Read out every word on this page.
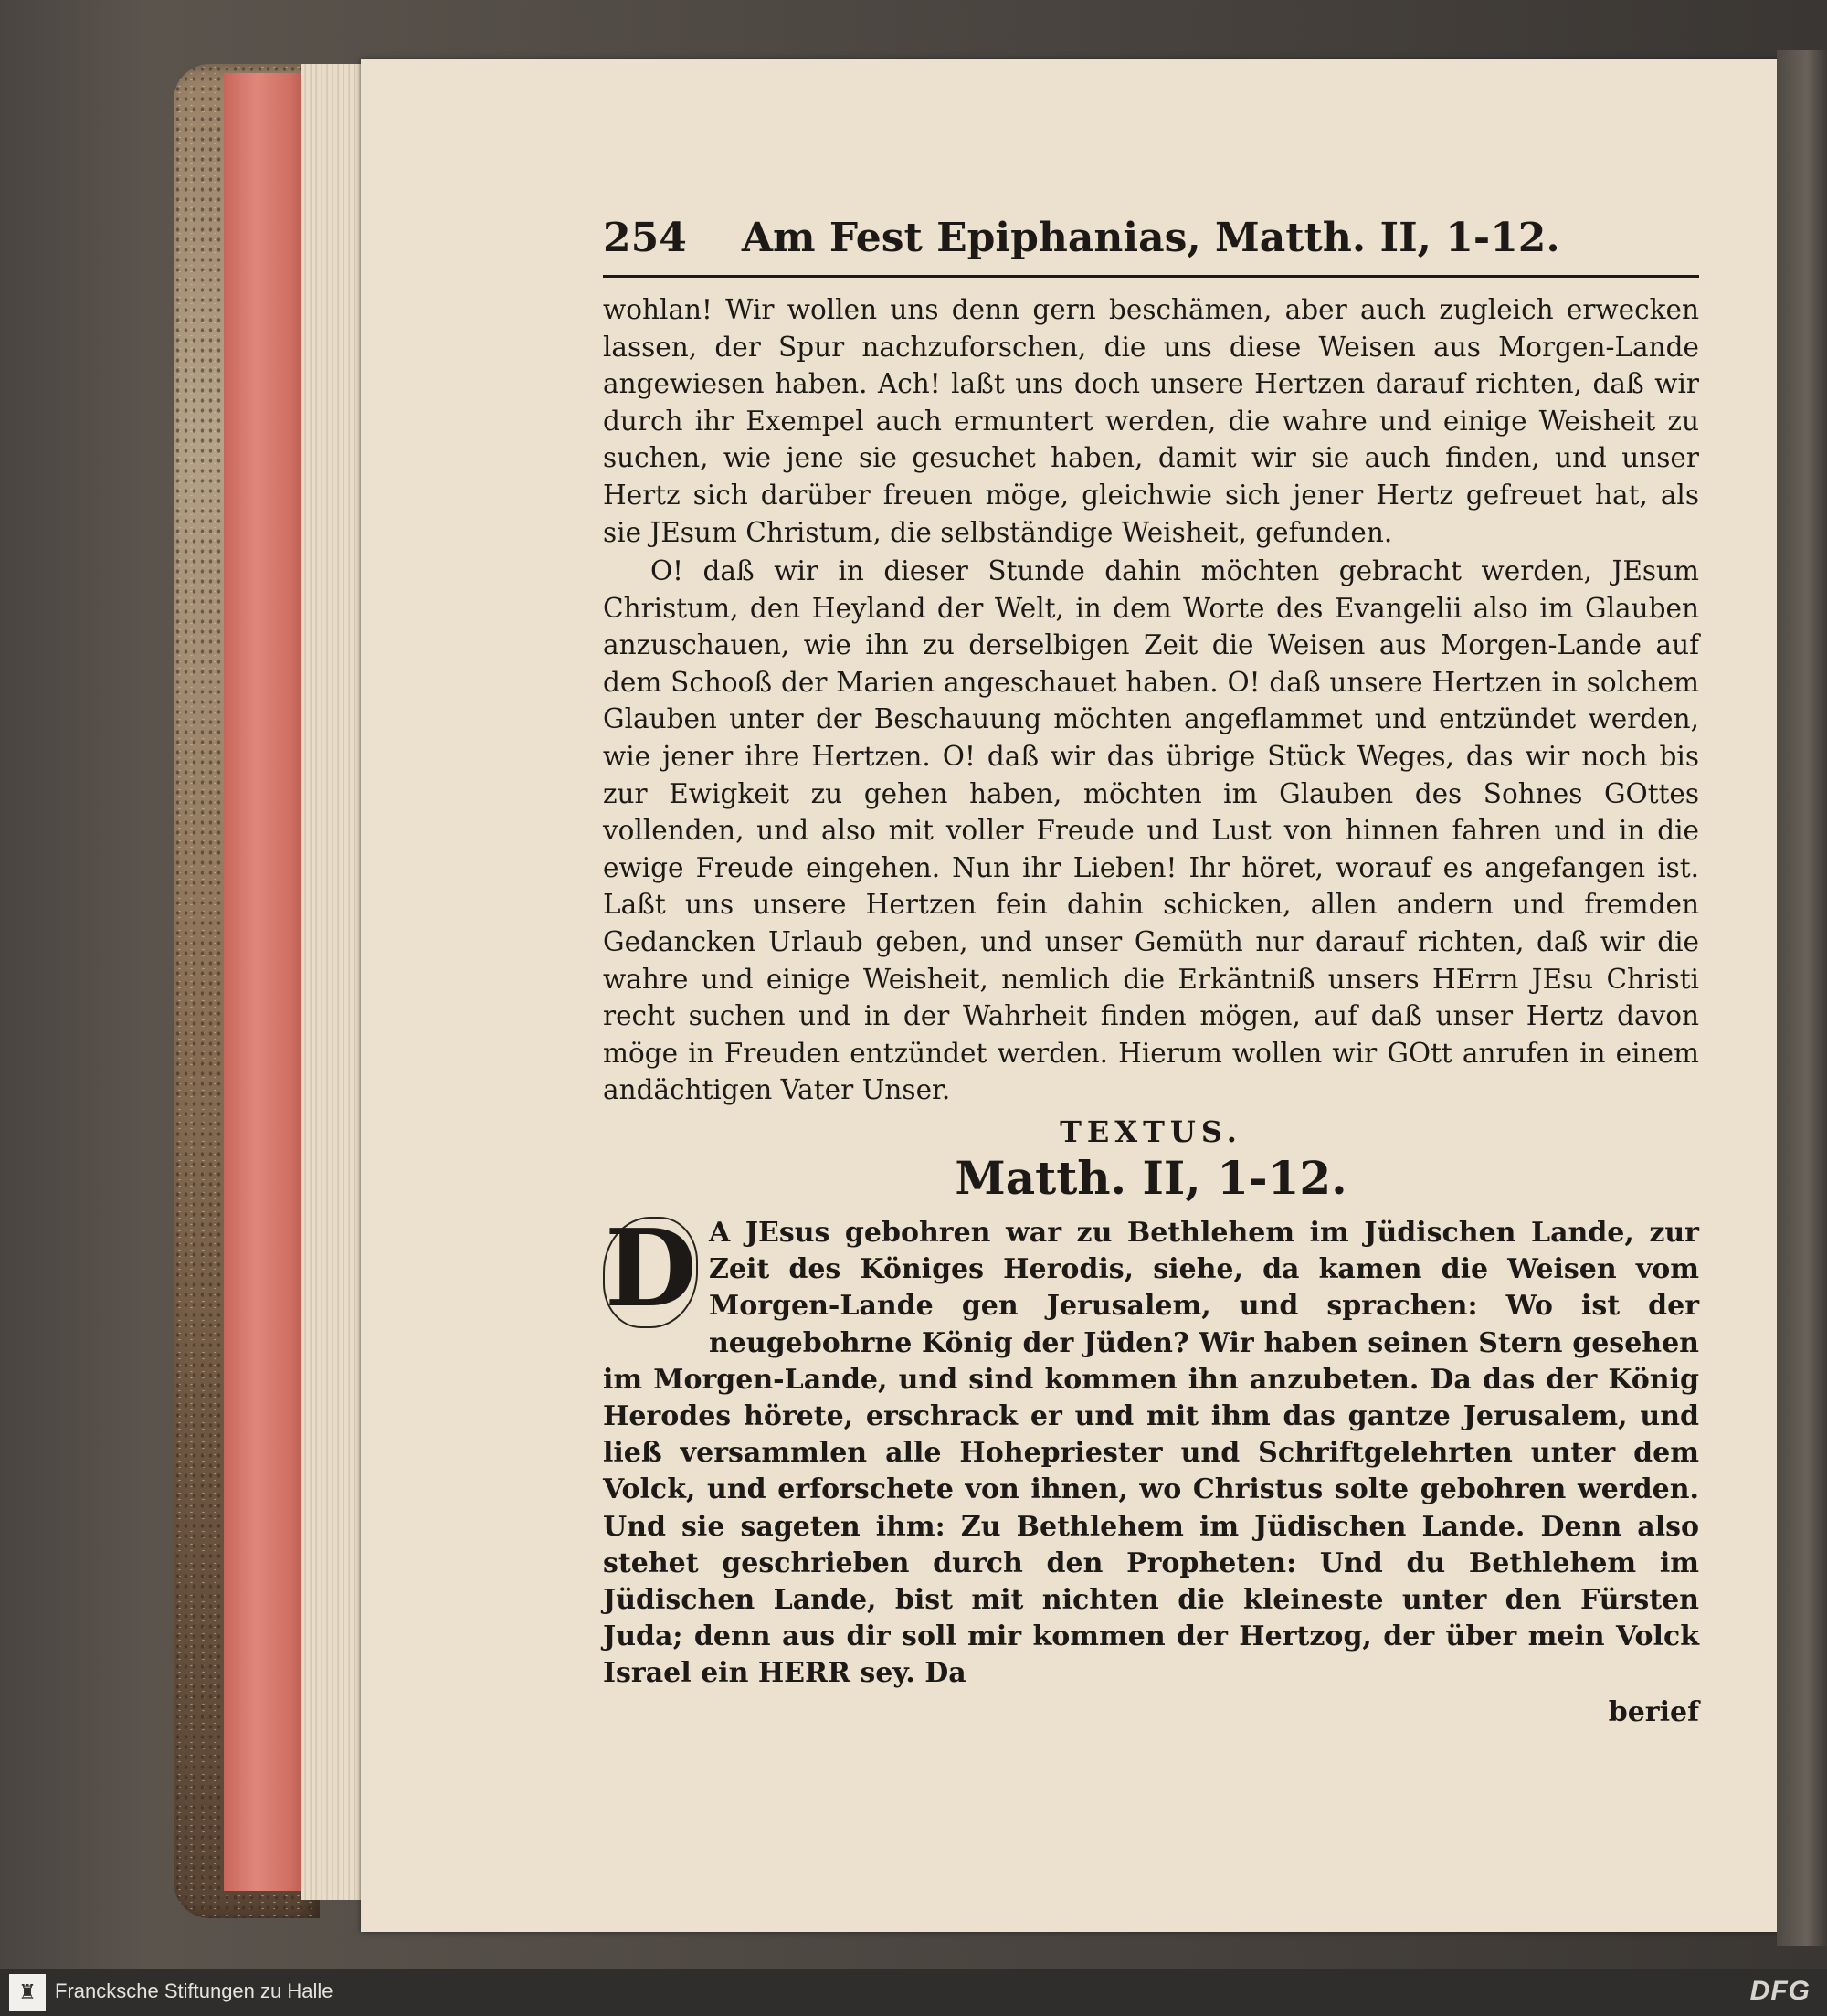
254 Am Fest Epiphanias, Matth. II, 1-12.

wohlan! Wir wollen uns denn gern beschämen, aber auch zugleich erwecken lassen, der Spur nachzuforschen, die uns diese Weisen aus Morgen-Lande angewiesen haben. Ach! laßt uns doch unsere Hertzen darauf richten, daß wir durch ihr Exempel auch ermuntert werden, die wahre und einige Weisheit zu suchen, wie jene sie gesuchet haben, damit wir sie auch finden, und unser Hertz sich darüber freuen möge, gleichwie sich jener Hertz gefreuet hat, als sie JEsum Christum, die selbständige Weisheit, gefunden.

O! daß wir in dieser Stunde dahin möchten gebracht werden, JEsum Christum, den Heyland der Welt, in dem Worte des Evangelii also im Glauben anzuschauen, wie ihn zu derselbigen Zeit die Weisen aus Morgen-Lande auf dem Schooß der Marien angeschauet haben. O! daß unsere Hertzen in solchem Glauben unter der Beschauung möchten angeflammet und entzündet werden, wie jener ihre Hertzen. O! daß wir das übrige Stück Weges, das wir noch bis zur Ewigkeit zu gehen haben, möchten im Glauben des Sohnes GOttes vollenden, und also mit voller Freude und Lust von hinnen fahren und in die ewige Freude eingehen. Nun ihr Lieben! Ihr höret, worauf es angefangen ist. Laßt uns unsere Hertzen fein dahin schicken, allen andern und fremden Gedancken Urlaub geben, und unser Gemüth nur darauf richten, daß wir die wahre und einige Weisheit, nemlich die Erkäntniß unsers HErrn JEsu Christi recht suchen und in der Wahrheit finden mögen, auf daß unser Hertz davon möge in Freuden entzündet werden. Hierum wollen wir GOtt anrufen in einem andächtigen Vater Unser.

TEXTUS.
Matth. II, 1-12.

D A JEsus gebohren war zu Bethlehem im Jüdischen Lande, zur Zeit des Königes Herodis, siehe, da kamen die Weisen vom Morgen-Lande gen Jerusalem, und sprachen: Wo ist der neugebohrne König der Jüden? Wir haben seinen Stern gesehen im Morgen-Lande, und sind kommen ihn anzubeten. Da das der König Herodes hörete, erschrack er und mit ihm das gantze Jerusalem, und ließ versammlen alle Hohepriester und Schriftgelehrten unter dem Volck, und erforschete von ihnen, wo Christus solte gebohren werden. Und sie sageten ihm: Zu Bethlehem im Jüdischen Lande. Denn also stehet geschrieben durch den Propheten: Und du Bethlehem im Jüdischen Lande, bist mit nichten die kleineste unter den Fürsten Juda; denn aus dir soll mir kommen der Hertzog, der über mein Volck Israel ein HERR sey. Da

berief
♜ Francksche Stiftungen zu Halle	DFG
